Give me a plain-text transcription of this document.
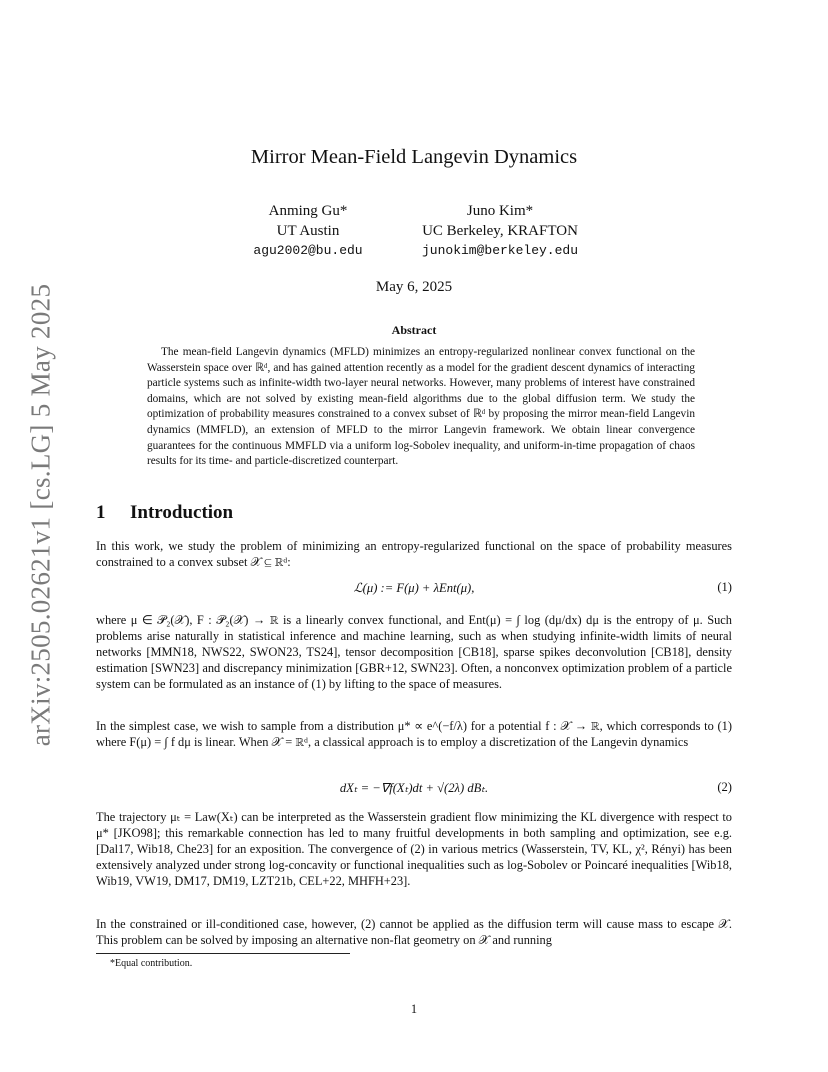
arXiv:2505.02621v1 [cs.LG] 5 May 2025
Mirror Mean-Field Langevin Dynamics
Anming Gu*
UT Austin
agu2002@bu.edu
Juno Kim*
UC Berkeley, KRAFTON
junokim@berkeley.edu
May 6, 2025
Abstract
The mean-field Langevin dynamics (MFLD) minimizes an entropy-regularized nonlinear convex functional on the Wasserstein space over ℝᵈ, and has gained attention recently as a model for the gradient descent dynamics of interacting particle systems such as infinite-width two-layer neural networks. However, many problems of interest have constrained domains, which are not solved by existing mean-field algorithms due to the global diffusion term. We study the optimization of probability measures constrained to a convex subset of ℝᵈ by proposing the mirror mean-field Langevin dynamics (MMFLD), an extension of MFLD to the mirror Langevin framework. We obtain linear convergence guarantees for the continuous MMFLD via a uniform log-Sobolev inequality, and uniform-in-time propagation of chaos results for its time- and particle-discretized counterpart.
1 Introduction
In this work, we study the problem of minimizing an entropy-regularized functional on the space of probability measures constrained to a convex subset 𝒳 ⊆ ℝᵈ:
ℒ(μ) := F(μ) + λEnt(μ),	(1)
where μ ∈ 𝒫₂(𝒳), F : 𝒫₂(𝒳) → ℝ is a linearly convex functional, and Ent(μ) = ∫ log (dμ/dx) dμ is the entropy of μ. Such problems arise naturally in statistical inference and machine learning, such as when studying infinite-width limits of neural networks [MMN18, NWS22, SWON23, TS24], tensor decomposition [CB18], sparse spikes deconvolution [CB18], density estimation [SWN23] and discrepancy minimization [GBR+12, SWN23]. Often, a nonconvex optimization problem of a particle system can be formulated as an instance of (1) by lifting to the space of measures.
In the simplest case, we wish to sample from a distribution μ* ∝ e^(−f/λ) for a potential f : 𝒳 → ℝ, which corresponds to (1) where F(μ) = ∫ f dμ is linear. When 𝒳 = ℝᵈ, a classical approach is to employ a discretization of the Langevin dynamics
dXₜ = −∇f(Xₜ)dt + √(2λ) dBₜ.	(2)
The trajectory μₜ = Law(Xₜ) can be interpreted as the Wasserstein gradient flow minimizing the KL divergence with respect to μ* [JKO98]; this remarkable connection has led to many fruitful developments in both sampling and optimization, see e.g. [Dal17, Wib18, Che23] for an exposition. The convergence of (2) in various metrics (Wasserstein, TV, KL, χ², Rényi) has been extensively analyzed under strong log-concavity or functional inequalities such as log-Sobolev or Poincaré inequalities [Wib18, Wib19, VW19, DM17, DM19, LZT21b, CEL+22, MHFH+23].
In the constrained or ill-conditioned case, however, (2) cannot be applied as the diffusion term will cause mass to escape 𝒳. This problem can be solved by imposing an alternative non-flat geometry on 𝒳 and running
*Equal contribution.
1
